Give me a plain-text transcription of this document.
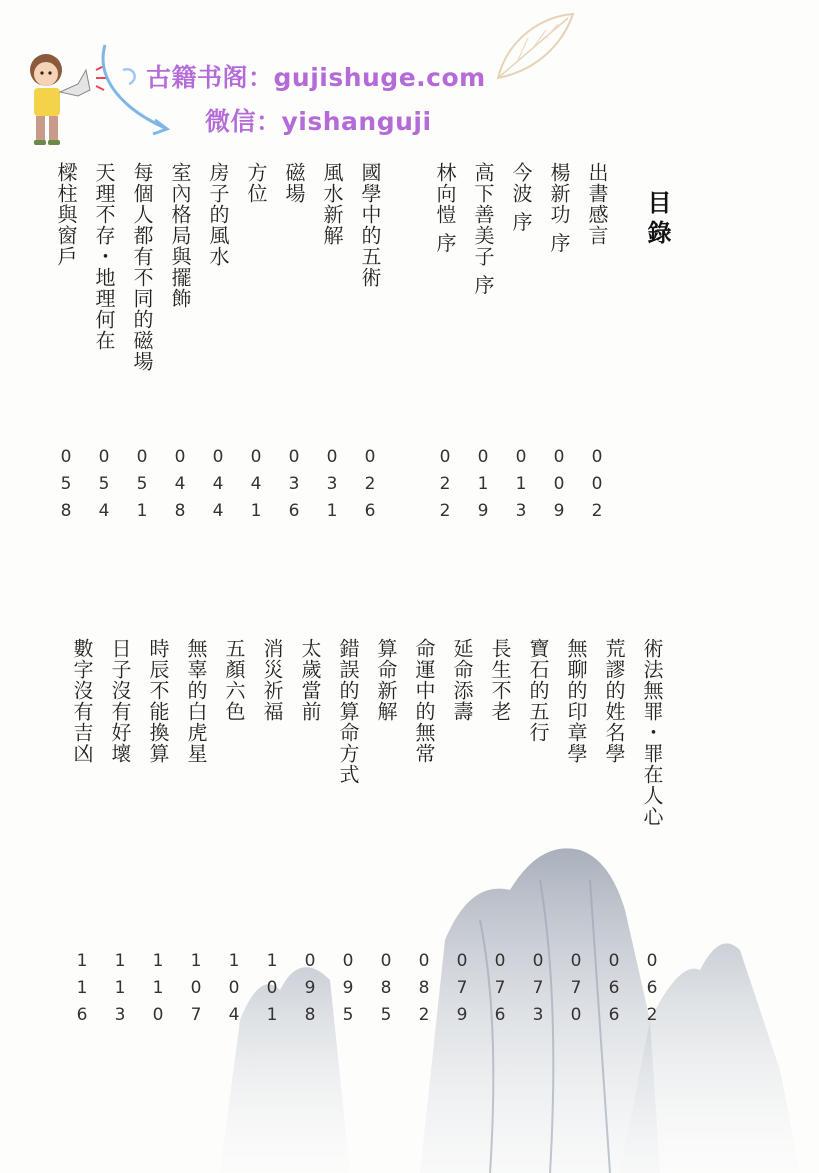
古籍书阁：gujishuge.com
微信：yishanguji
目錄
出書感言
002
楊新功 序
009
今波 序
013
高下善美子 序
019
林向愷 序
022
國學中的五術
026
風水新解
031
磁場
036
方位
041
房子的風水
044
室內格局與擺飾
048
每個人都有不同的磁場
051
天理不存・地理何在
054
樑柱與窗戶
058
術法無罪・罪在人心
062
荒謬的姓名學
066
無聊的印章學
070
寶石的五行
073
長生不老
076
延命添壽
079
命運中的無常
082
算命新解
085
錯誤的算命方式
095
太歲當前
098
消災祈福
101
五顏六色
104
無辜的白虎星
107
時辰不能換算
110
日子沒有好壞
113
數字沒有吉凶
116
